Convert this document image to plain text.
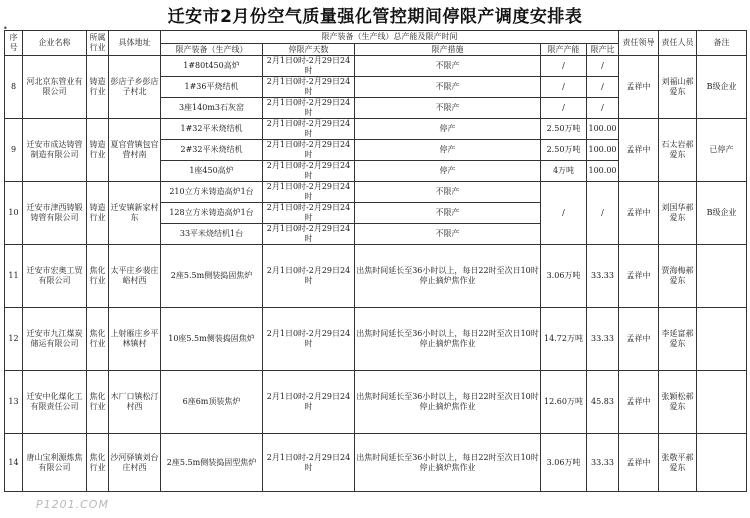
迁安市2月份空气质量强化管控期间停限产调度安排表
•
序号	企业名称	所属行业	具体地址	限产装备（生产线）总产能及限产时间					责任领导	责任人员	备注
				限产装备（生产线）	停限产天数	限产措施	限产产能	限产比			
8	河北京东管业有限公司	铸造行业	彭店子乡彭店子村北	1#80t450高炉	2月1日0时-2月29日24时	不限产	/	/	孟祥中	刘福山郝爱东	B级企业
				1#36平烧结机	2月1日0时-2月29日24时	不限产	/	/			
				3座140m3石灰窑	2月1日0时-2月29日24时	不限产	/	/			
9	迁安市成达铸管制造有限公司	铸造行业	夏官营镇包官营村南	1#32平米烧结机	2月1日0时-2月29日24时	停产	2.50万吨	100.00	孟祥中	石太岩郝爱东	已停产
				2#32平米烧结机	2月1日0时-2月29日24时	停产	2.50万吨	100.00			
				1座450高炉	2月1日0时-2月29日24时	停产	4万吨	100.00			
10	迁安市津西铸锻铸管有限公司	铸造行业	迁安镇新家村东	210立方米铸造高炉1台	2月1日0时-2月29日24时	不限产	/	/	孟祥中	刘国华郝爱东	B级企业
				128立方米铸造高炉1台	2月1日0时-2月29日24时	不限产					
				33平米烧结机1台	2月1日0时-2月29日24时	不限产					
11	迁安市宏奥工贸有限公司	焦化行业	太平庄乡裴庄峪村西	2座5.5m侧装捣固焦炉	2月1日0时-2月29日24时	出焦时间延长至36小时以上，每日22时至次日10时停止摘炉焦作业	3.06万吨	33.33	孟祥中	贾海梅郝爱东	
12	迁安市九江煤炭储运有限公司	焦化行业	上射雁庄乡平林镇村	10座5.5m侧装捣固焦炉	2月1日0时-2月29日24时	出焦时间延长至36小时以上，每日22时至次日10时停止摘炉焦作业	14.72万吨	33.33	孟祥中	李延富郝爱东	
13	迁安中化煤化工有限责任公司	焦化行业	木厂口镇松汀村西	6座6m顶装焦炉	2月1日0时-2月29日24时	出焦时间延长至36小时以上，每日22时至次日10时停止摘炉焦作业	12.60万吨	45.83	孟祥中	张颖松郝爱东	
14	唐山宝利源炼焦有限公司	焦化行业	沙河驿镇刘台庄村西	2座5.5m侧装捣固型焦炉	2月1日0时-2月29日24时	出焦时间延长至36小时以上，每日22时至次日10时停止摘炉焦作业	3.06万吨	33.33	孟祥中	张敬平郝爱东	
P1201.COM
